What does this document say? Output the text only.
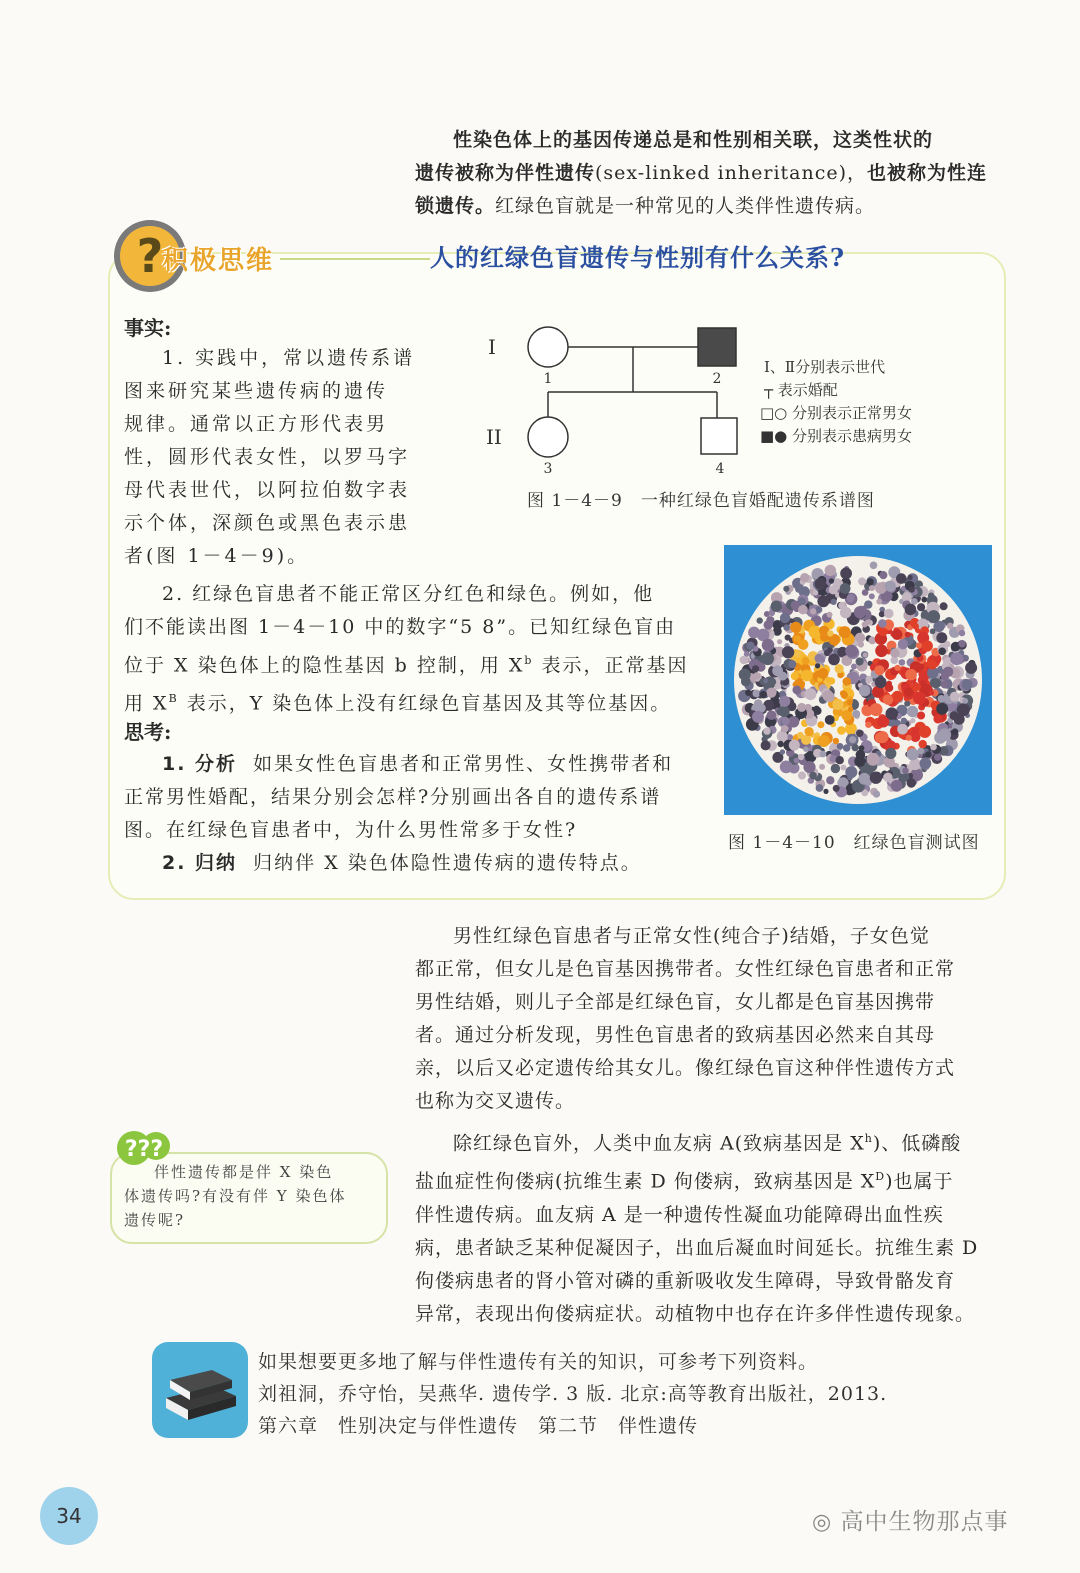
性染色体上的基因传递总是和性别相关联，这类性状的

遗传被称为伴性遗传(sex-linked inheritance)，也被称为性连

锁遗传。红绿色盲就是一种常见的人类伴性遗传病。

?
积极思维	人的红绿色盲遗传与性别有什么关系?
事实:

1. 实践中，常以遗传系谱

图来研究某些遗传病的遗传

规律。通常以正方形代表男

性，圆形代表女性，以罗马字

母代表世代，以阿拉伯数字表

示个体，深颜色或黑色表示患

者(图 1－4－9)。

I
II
1	2
3	4
Ⅰ、Ⅱ分别表示世代
┬ 表示婚配
□○ 分别表示正常男女
■● 分别表示患病男女
图 1－4－9　一种红绿色盲婚配遗传系谱图
图 1－4－10　红绿色盲测试图

2. 红绿色盲患者不能正常区分红色和绿色。例如，他

们不能读出图 1－4－10 中的数字“5 8”。已知红绿色盲由

位于 X 染色体上的隐性基因 b 控制，用 $X^b$ 表示，正常基因

用 $X^B$ 表示，Y 染色体上没有红绿色盲基因及其等位基因。

思考:

1. 分析 如果女性色盲患者和正常男性、女性携带者和

正常男性婚配，结果分别会怎样?分别画出各自的遗传系谱

图。在红绿色盲患者中，为什么男性常多于女性?

2. 归纳 归纳伴 X 染色体隐性遗传病的遗传特点。

男性红绿色盲患者与正常女性(纯合子)结婚，子女色觉

都正常，但女儿是色盲基因携带者。女性红绿色盲患者和正常

男性结婚，则儿子全部是红绿色盲，女儿都是色盲基因携带

者。通过分析发现，男性色盲患者的致病基因必然来自其母

亲，以后又必定遗传给其女儿。像红绿色盲这种伴性遗传方式

也称为交叉遗传。

除红绿色盲外，人类中血友病 A(致病基因是 $X^h$)、低磷酸

盐血症性佝偻病(抗维生素 D 佝偻病，致病基因是 $X^D$)也属于

伴性遗传病。血友病 A 是一种遗传性凝血功能障碍出血性疾

病，患者缺乏某种促凝因子，出血后凝血时间延长。抗维生素 D

佝偻病患者的肾小管对磷的重新吸收发生障碍，导致骨骼发育

异常，表现出佝偻病症状。动植物中也存在许多伴性遗传现象。

???
伴性遗传都是伴 X 染色
体遗传吗?有没有伴 Y 染色体
遗传呢?
如果想要更多地了解与伴性遗传有关的知识，可参考下列资料。
刘祖洞，乔守怡，吴燕华. 遗传学. 3 版. 北京:高等教育出版社，2013.
第六章　性别决定与伴性遗传　第二节　伴性遗传
34	◎ 高中生物那点事
